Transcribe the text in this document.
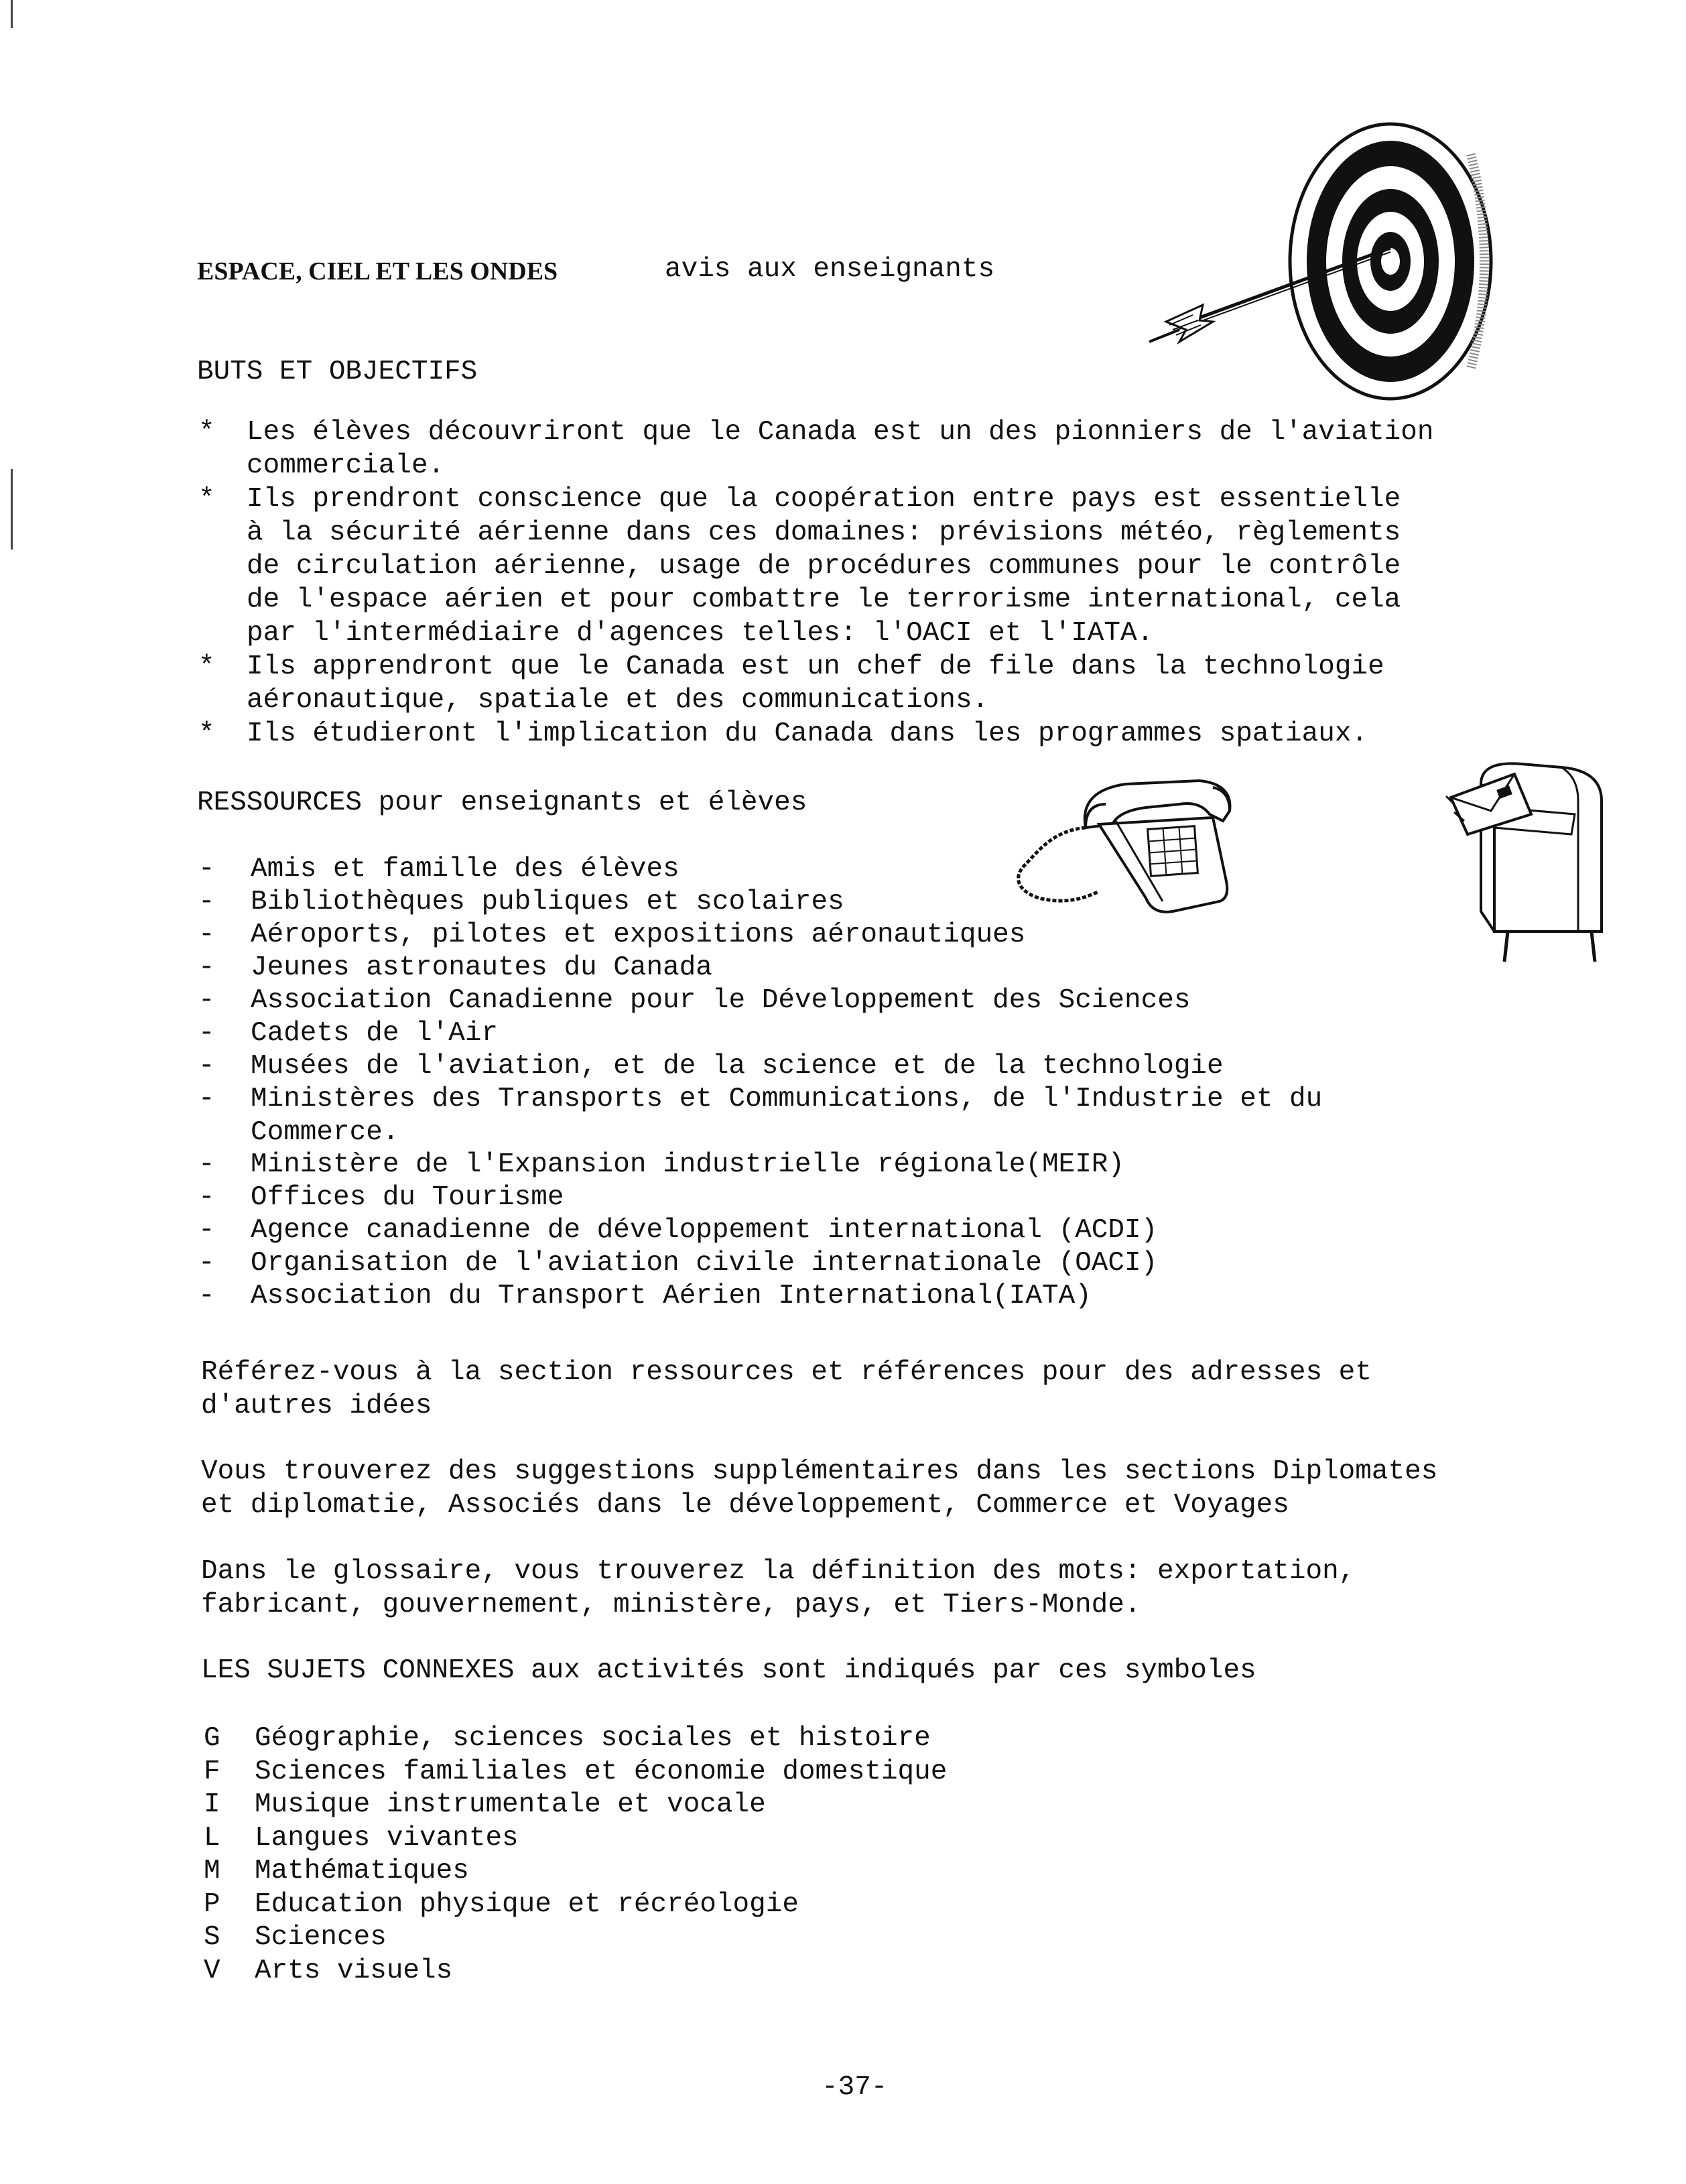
ESPACE, CIEL ET LES ONDES	avis aux enseignants
BUTS ET OBJECTIFS
*	Les élèves découvriront que le Canada est un des pionniers de l'aviation
commerciale.
*	Ils prendront conscience que la coopération entre pays est essentielle
à la sécurité aérienne dans ces domaines: prévisions météo, règlements
de circulation aérienne, usage de procédures communes pour le contrôle
de l'espace aérien et pour combattre le terrorisme international, cela
par l'intermédiaire d'agences telles: l'OACI et l'IATA.
*	Ils apprendront que le Canada est un chef de file dans la technologie
aéronautique, spatiale et des communications.
*	Ils étudieront l'implication du Canada dans les programmes spatiaux.
RESSOURCES pour enseignants et élèves
- Amis et famille des élèves
- Bibliothèques publiques et scolaires
- Aéroports, pilotes et expositions aéronautiques
- Jeunes astronautes du Canada
- Association Canadienne pour le Développement des Sciences
- Cadets de l'Air
- Musées de l'aviation, et de la science et de la technologie
- Ministères des Transports et Communications, de l'Industrie et du
Commerce.
- Ministère de l'Expansion industrielle régionale(MEIR)
- Offices du Tourisme
- Agence canadienne de développement international (ACDI)
- Organisation de l'aviation civile internationale (OACI)
- Association du Transport Aérien International(IATA)
Référez-vous à la section ressources et références pour des adresses et
d'autres idées
Vous trouverez des suggestions supplémentaires dans les sections Diplomates
et diplomatie, Associés dans le développement, Commerce et Voyages
Dans le glossaire, vous trouverez la définition des mots: exportation,
fabricant, gouvernement, ministère, pays, et Tiers-Monde.
LES SUJETS CONNEXES aux activités sont indiqués par ces symboles
G Géographie, sciences sociales et histoire
F Sciences familiales et économie domestique
I Musique instrumentale et vocale
L Langues vivantes
M Mathématiques
P Education physique et récréologie
S Sciences
V Arts visuels
-37-
